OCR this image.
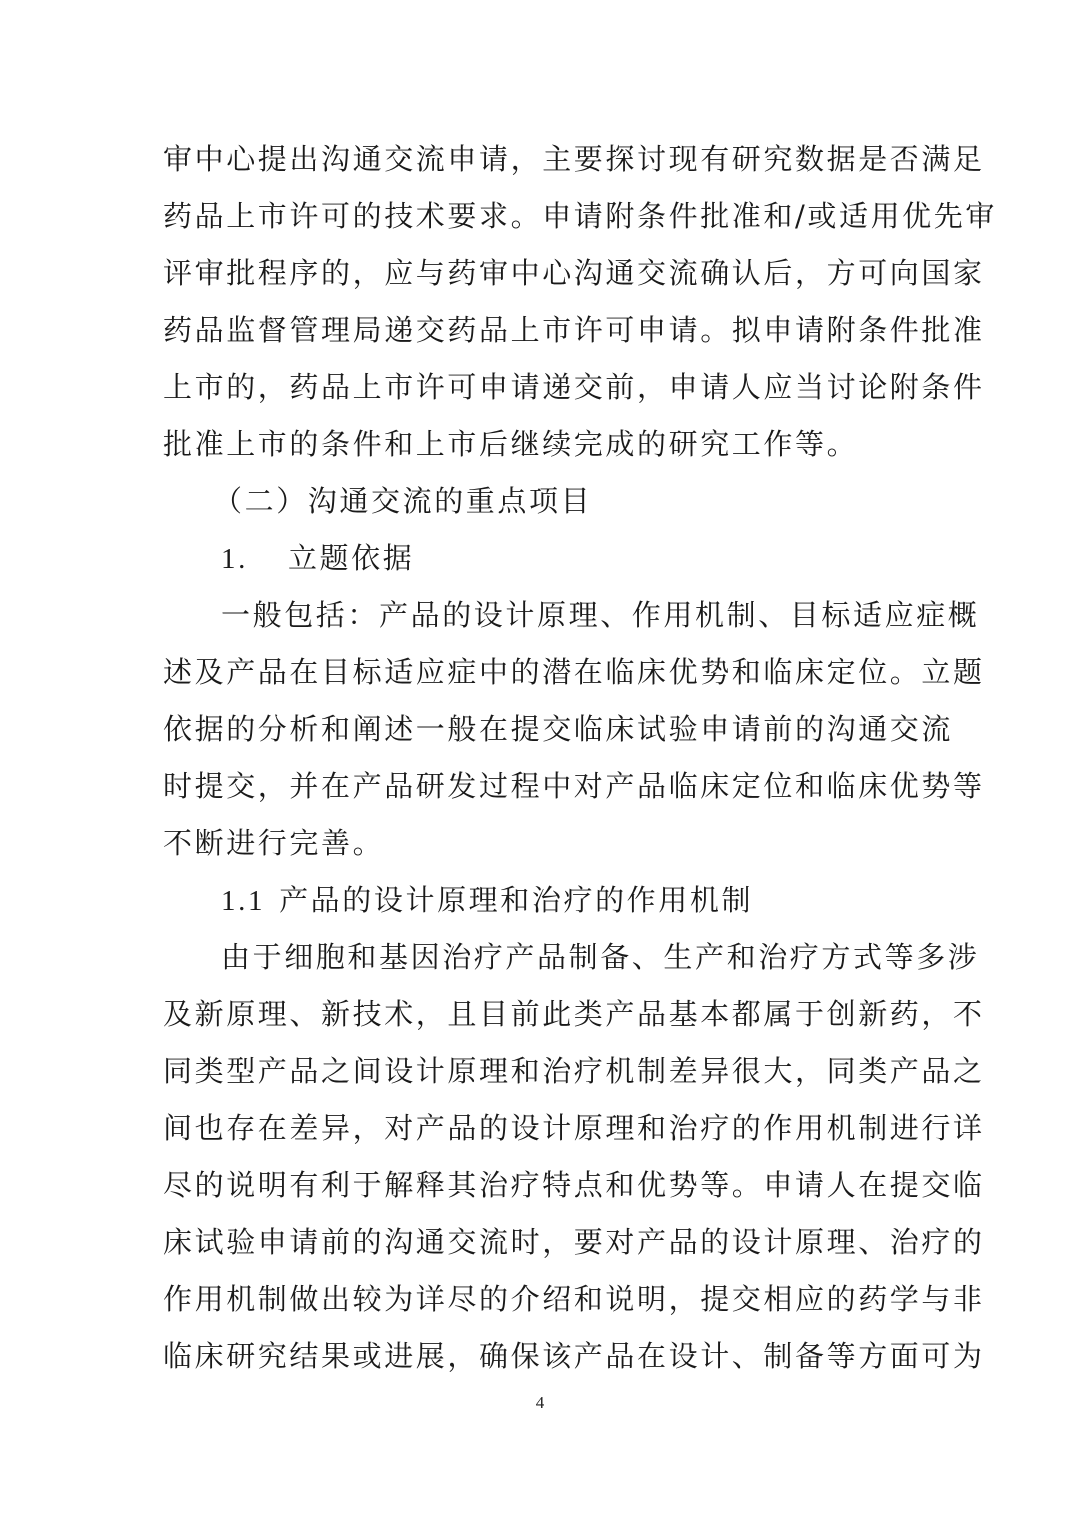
审中心提出沟通交流申请，主要探讨现有研究数据是否满足
药品上市许可的技术要求。申请附条件批准和/或适用优先审
评审批程序的，应与药审中心沟通交流确认后，方可向国家
药品监督管理局递交药品上市许可申请。拟申请附条件批准
上市的，药品上市许可申请递交前，申请人应当讨论附条件
批准上市的条件和上市后继续完成的研究工作等。
（二）沟通交流的重点项目
1. 立题依据
一般包括：产品的设计原理、作用机制、目标适应症概
述及产品在目标适应症中的潜在临床优势和临床定位。立题
依据的分析和阐述一般在提交临床试验申请前的沟通交流
时提交，并在产品研发过程中对产品临床定位和临床优势等
不断进行完善。
1.1 产品的设计原理和治疗的作用机制
由于细胞和基因治疗产品制备、生产和治疗方式等多涉
及新原理、新技术，且目前此类产品基本都属于创新药，不
同类型产品之间设计原理和治疗机制差异很大，同类产品之
间也存在差异，对产品的设计原理和治疗的作用机制进行详
尽的说明有利于解释其治疗特点和优势等。申请人在提交临
床试验申请前的沟通交流时，要对产品的设计原理、治疗的
作用机制做出较为详尽的介绍和说明，提交相应的药学与非
临床研究结果或进展，确保该产品在设计、制备等方面可为
4
